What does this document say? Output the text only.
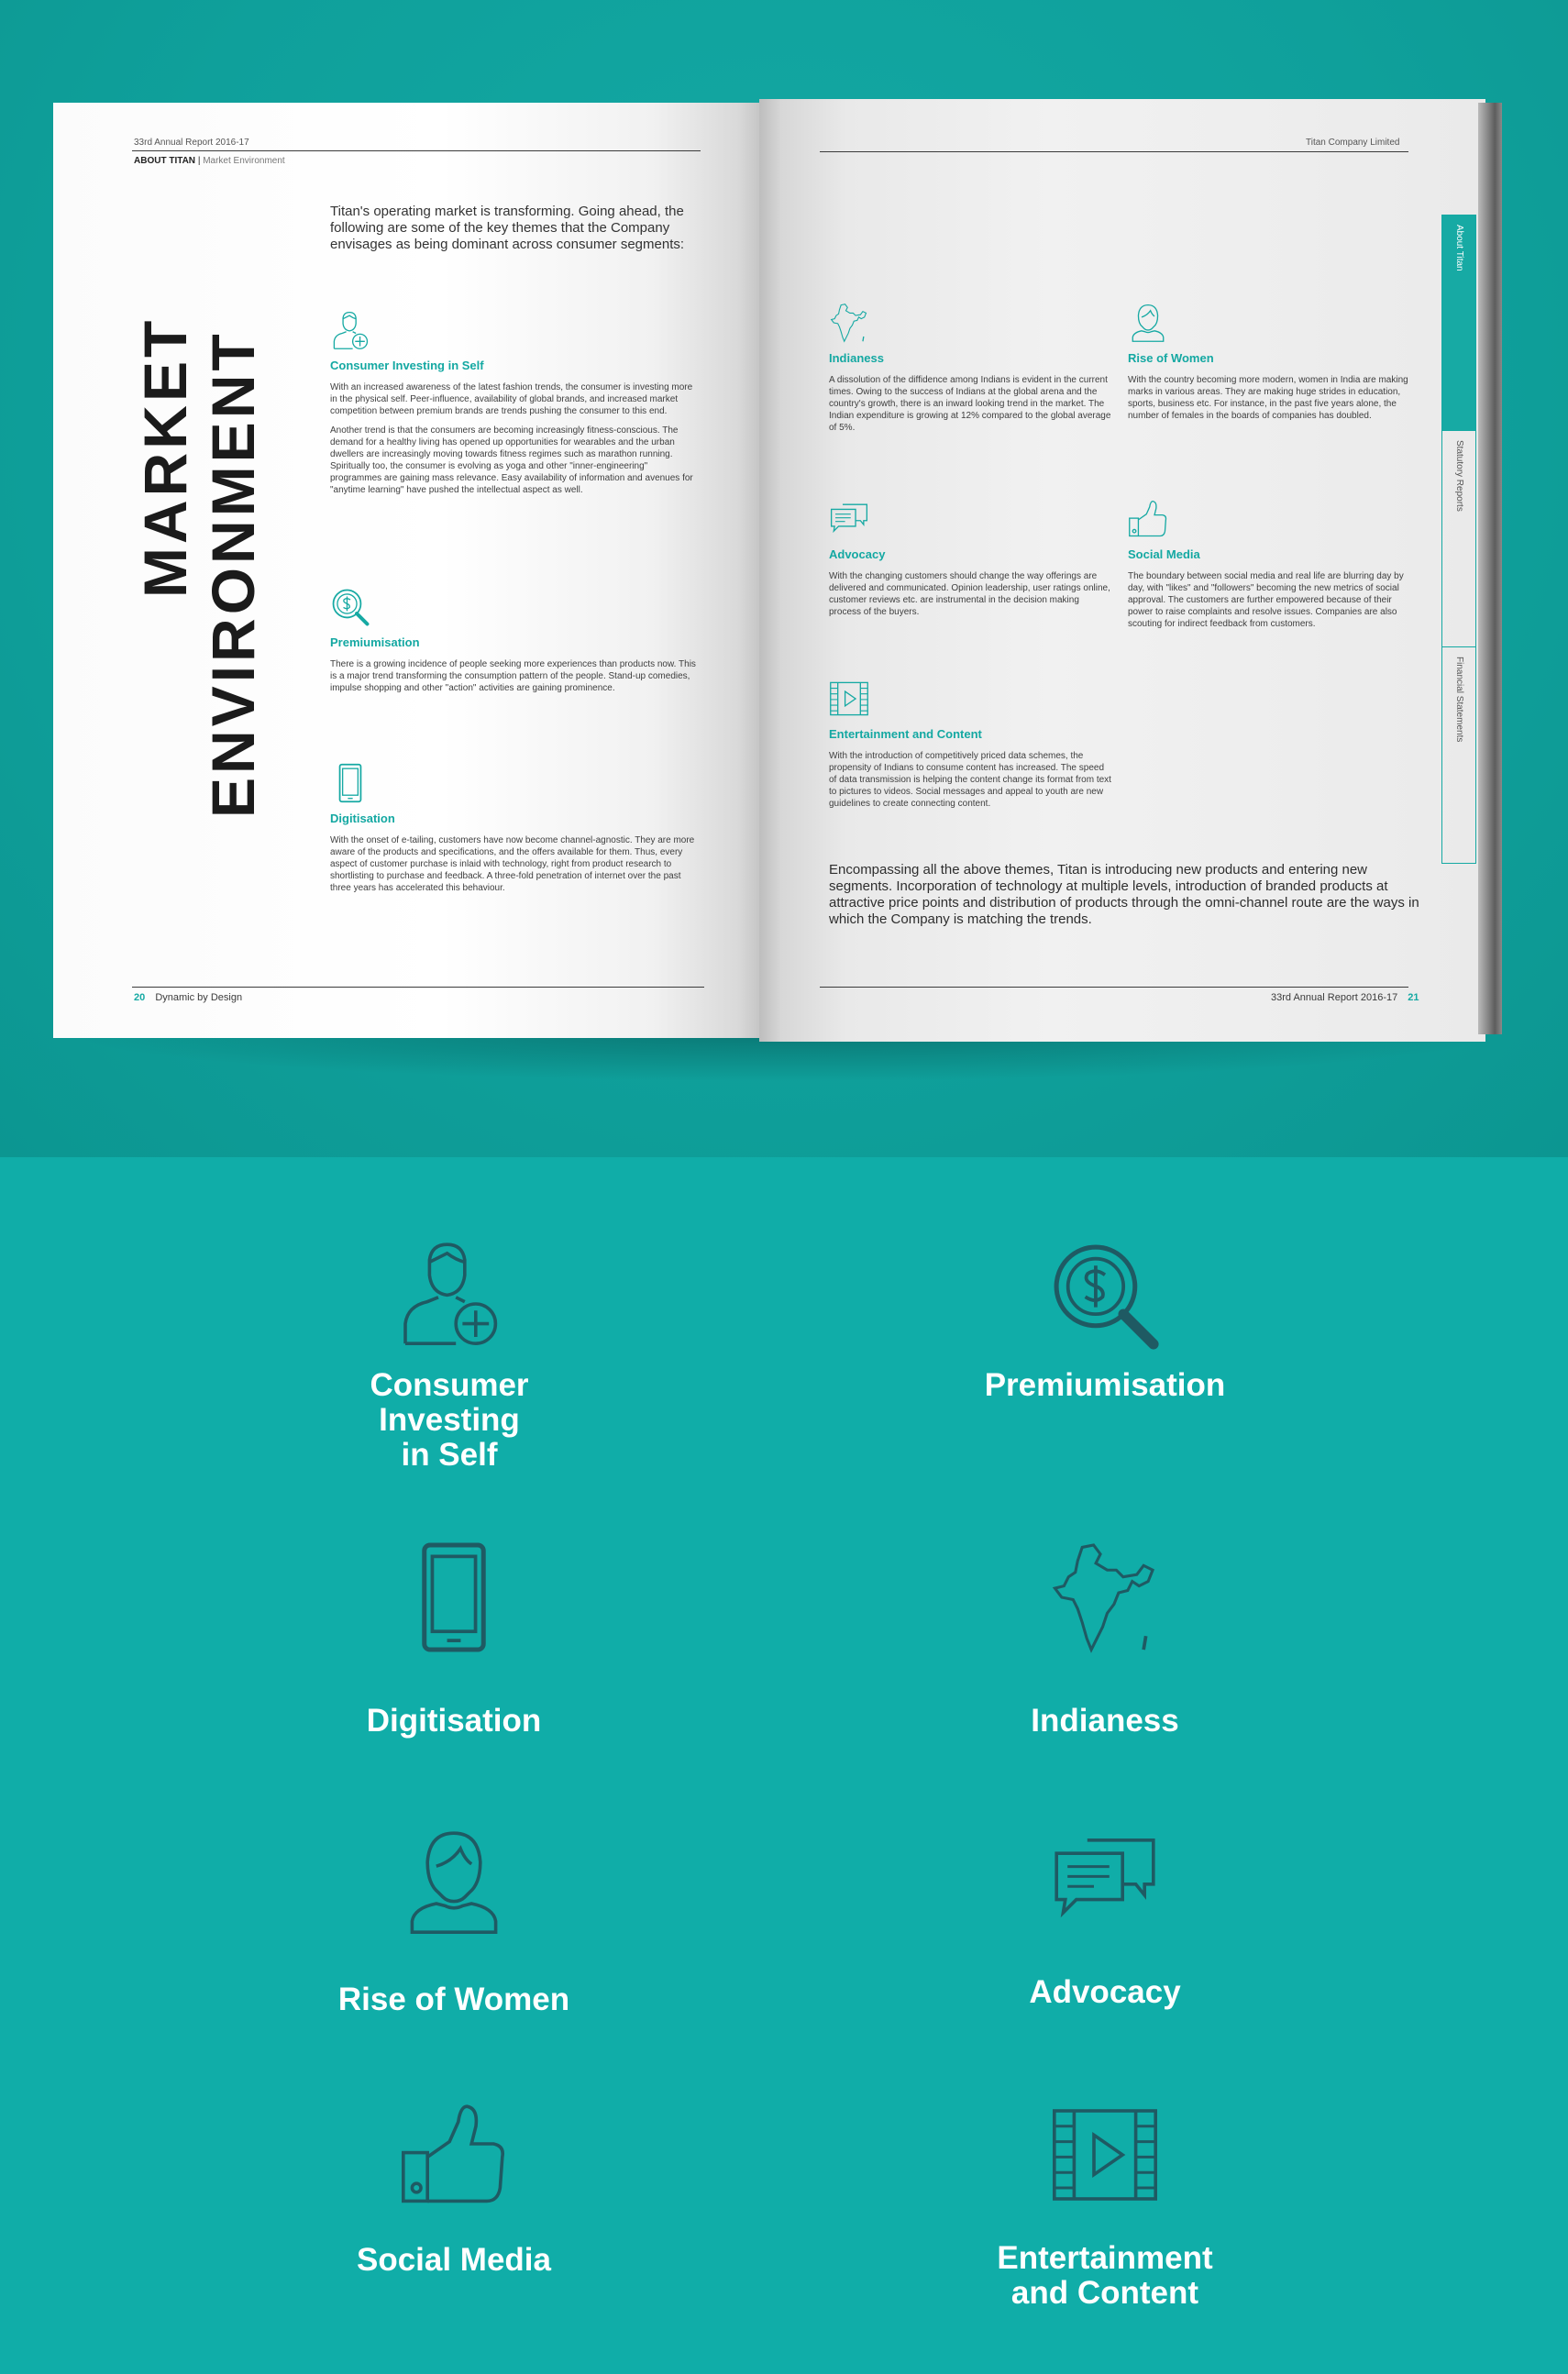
33rd Annual Report 2016-17
ABOUT TITAN | Market Environment
MARKET ENVIRONMENT
Titan's operating market is transforming. Going ahead, the following are some of the key themes that the Company envisages as being dominant across consumer segments:
Consumer Investing in Self

With an increased awareness of the latest fashion trends, the consumer is investing more in the physical self. Peer-influence, availability of global brands, and increased market competition between premium brands are trends pushing the consumer to this end.

Another trend is that the consumers are becoming increasingly fitness-conscious. The demand for a healthy living has opened up opportunities for wearables and the urban dwellers are increasingly moving towards fitness regimes such as marathon running. Spiritually too, the consumer is evolving as yoga and other "inner-engineering" programmes are gaining mass relevance. Easy availability of information and avenues for "anytime learning" have pushed the intellectual aspect as well.

Premiumisation

There is a growing incidence of people seeking more experiences than products now. This is a major trend transforming the consumption pattern of the people. Stand-up comedies, impulse shopping and other "action" activities are gaining prominence.

Digitisation

With the onset of e-tailing, customers have now become channel-agnostic. They are more aware of the products and specifications, and the offers available for them. Thus, every aspect of customer purchase is inlaid with technology, right from product research to shortlisting to purchase and feedback. A three-fold penetration of internet over the past three years has accelerated this behaviour.

20 Dynamic by Design
Titan Company Limited
Indianess

A dissolution of the diffidence among Indians is evident in the current times. Owing to the success of Indians at the global arena and the country's growth, there is an inward looking trend in the market. The Indian expenditure is growing at 12% compared to the global average of 5%.

Rise of Women

With the country becoming more modern, women in India are making marks in various areas. They are making huge strides in education, sports, business etc. For instance, in the past five years alone, the number of females in the boards of companies has doubled.

Advocacy

With the changing customers should change the way offerings are delivered and communicated. Opinion leadership, user ratings online, customer reviews etc. are instrumental in the decision making process of the buyers.

Social Media

The boundary between social media and real life are blurring day by day, with "likes" and "followers" becoming the new metrics of social approval. The customers are further empowered because of their power to raise complaints and resolve issues. Companies are also scouting for indirect feedback from customers.

Entertainment and Content

With the introduction of competitively priced data schemes, the propensity of Indians to consume content has increased. The speed of data transmission is helping the content change its format from text to pictures to videos. Social messages and appeal to youth are new guidelines to create connecting content.

Encompassing all the above themes, Titan is introducing new products and entering new segments. Incorporation of technology at multiple levels, introduction of branded products at attractive price points and distribution of products through the omni-channel route are the ways in which the Company is matching the trends.
33rd Annual Report 2016-17 21
About Titan
Statutory Reports
Financial Statements
Consumer
Investing
in Self
Premiumisation
Digitisation	Indianess
Rise of Women	Advocacy
Social Media	Entertainment
and Content
